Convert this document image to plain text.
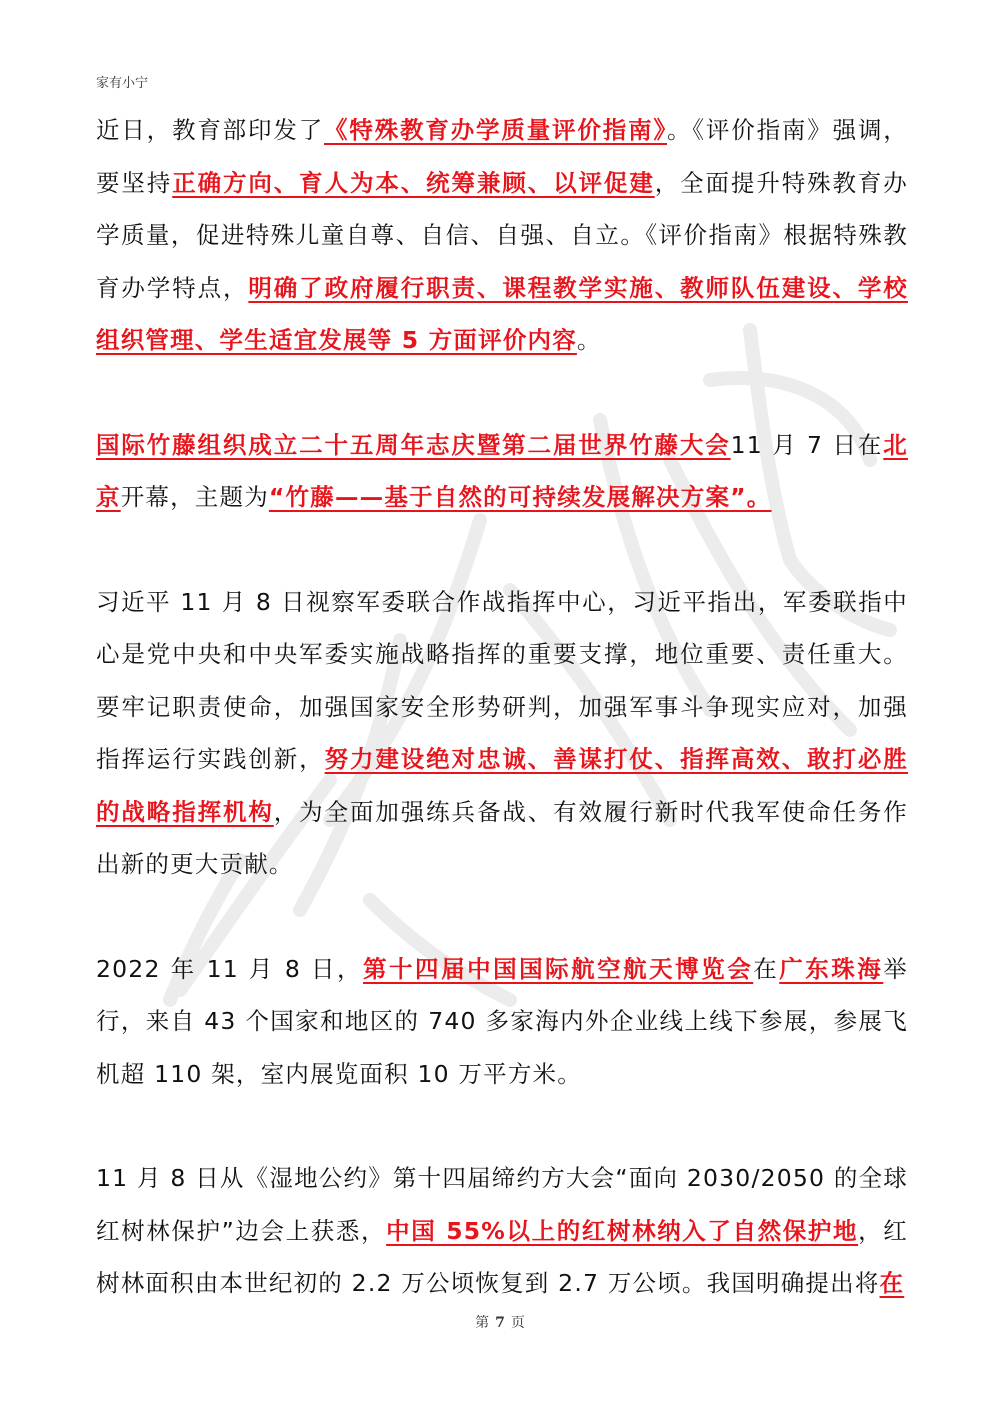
家有小宁

近日，教育部印发了《特殊教育办学质量评价指南》。《评价指南》强调，要坚持正确方向、育人为本、统筹兼顾、以评促建，全面提升特殊教育办学质量，促进特殊儿童自尊、自信、自强、自立。《评价指南》根据特殊教育办学特点，明确了政府履行职责、课程教学实施、教师队伍建设、学校组织管理、学生适宜发展等 5 方面评价内容。

国际竹藤组织成立二十五周年志庆暨第二届世界竹藤大会11 月 7 日在北京开幕，主题为“竹藤——基于自然的可持续发展解决方案”。

习近平 11 月 8 日视察军委联合作战指挥中心，习近平指出，军委联指中心是党中央和中央军委实施战略指挥的重要支撑，地位重要、责任重大。要牢记职责使命，加强国家安全形势研判，加强军事斗争现实应对，加强指挥运行实践创新，努力建设绝对忠诚、善谋打仗、指挥高效、敢打必胜的战略指挥机构，为全面加强练兵备战、有效履行新时代我军使命任务作出新的更大贡献。

2022 年 11 月 8 日，第十四届中国国际航空航天博览会在广东珠海举行，来自 43 个国家和地区的 740 多家海内外企业线上线下参展，参展飞机超 110 架，室内展览面积 10 万平方米。

11 月 8 日从《湿地公约》第十四届缔约方大会“面向 2030/2050 的全球红树林保护”边会上获悉，中国 55%以上的红树林纳入了自然保护地，红树林面积由本世纪初的 2.2 万公顷恢复到 2.7 万公顷。我国明确提出将在

第 7 页
